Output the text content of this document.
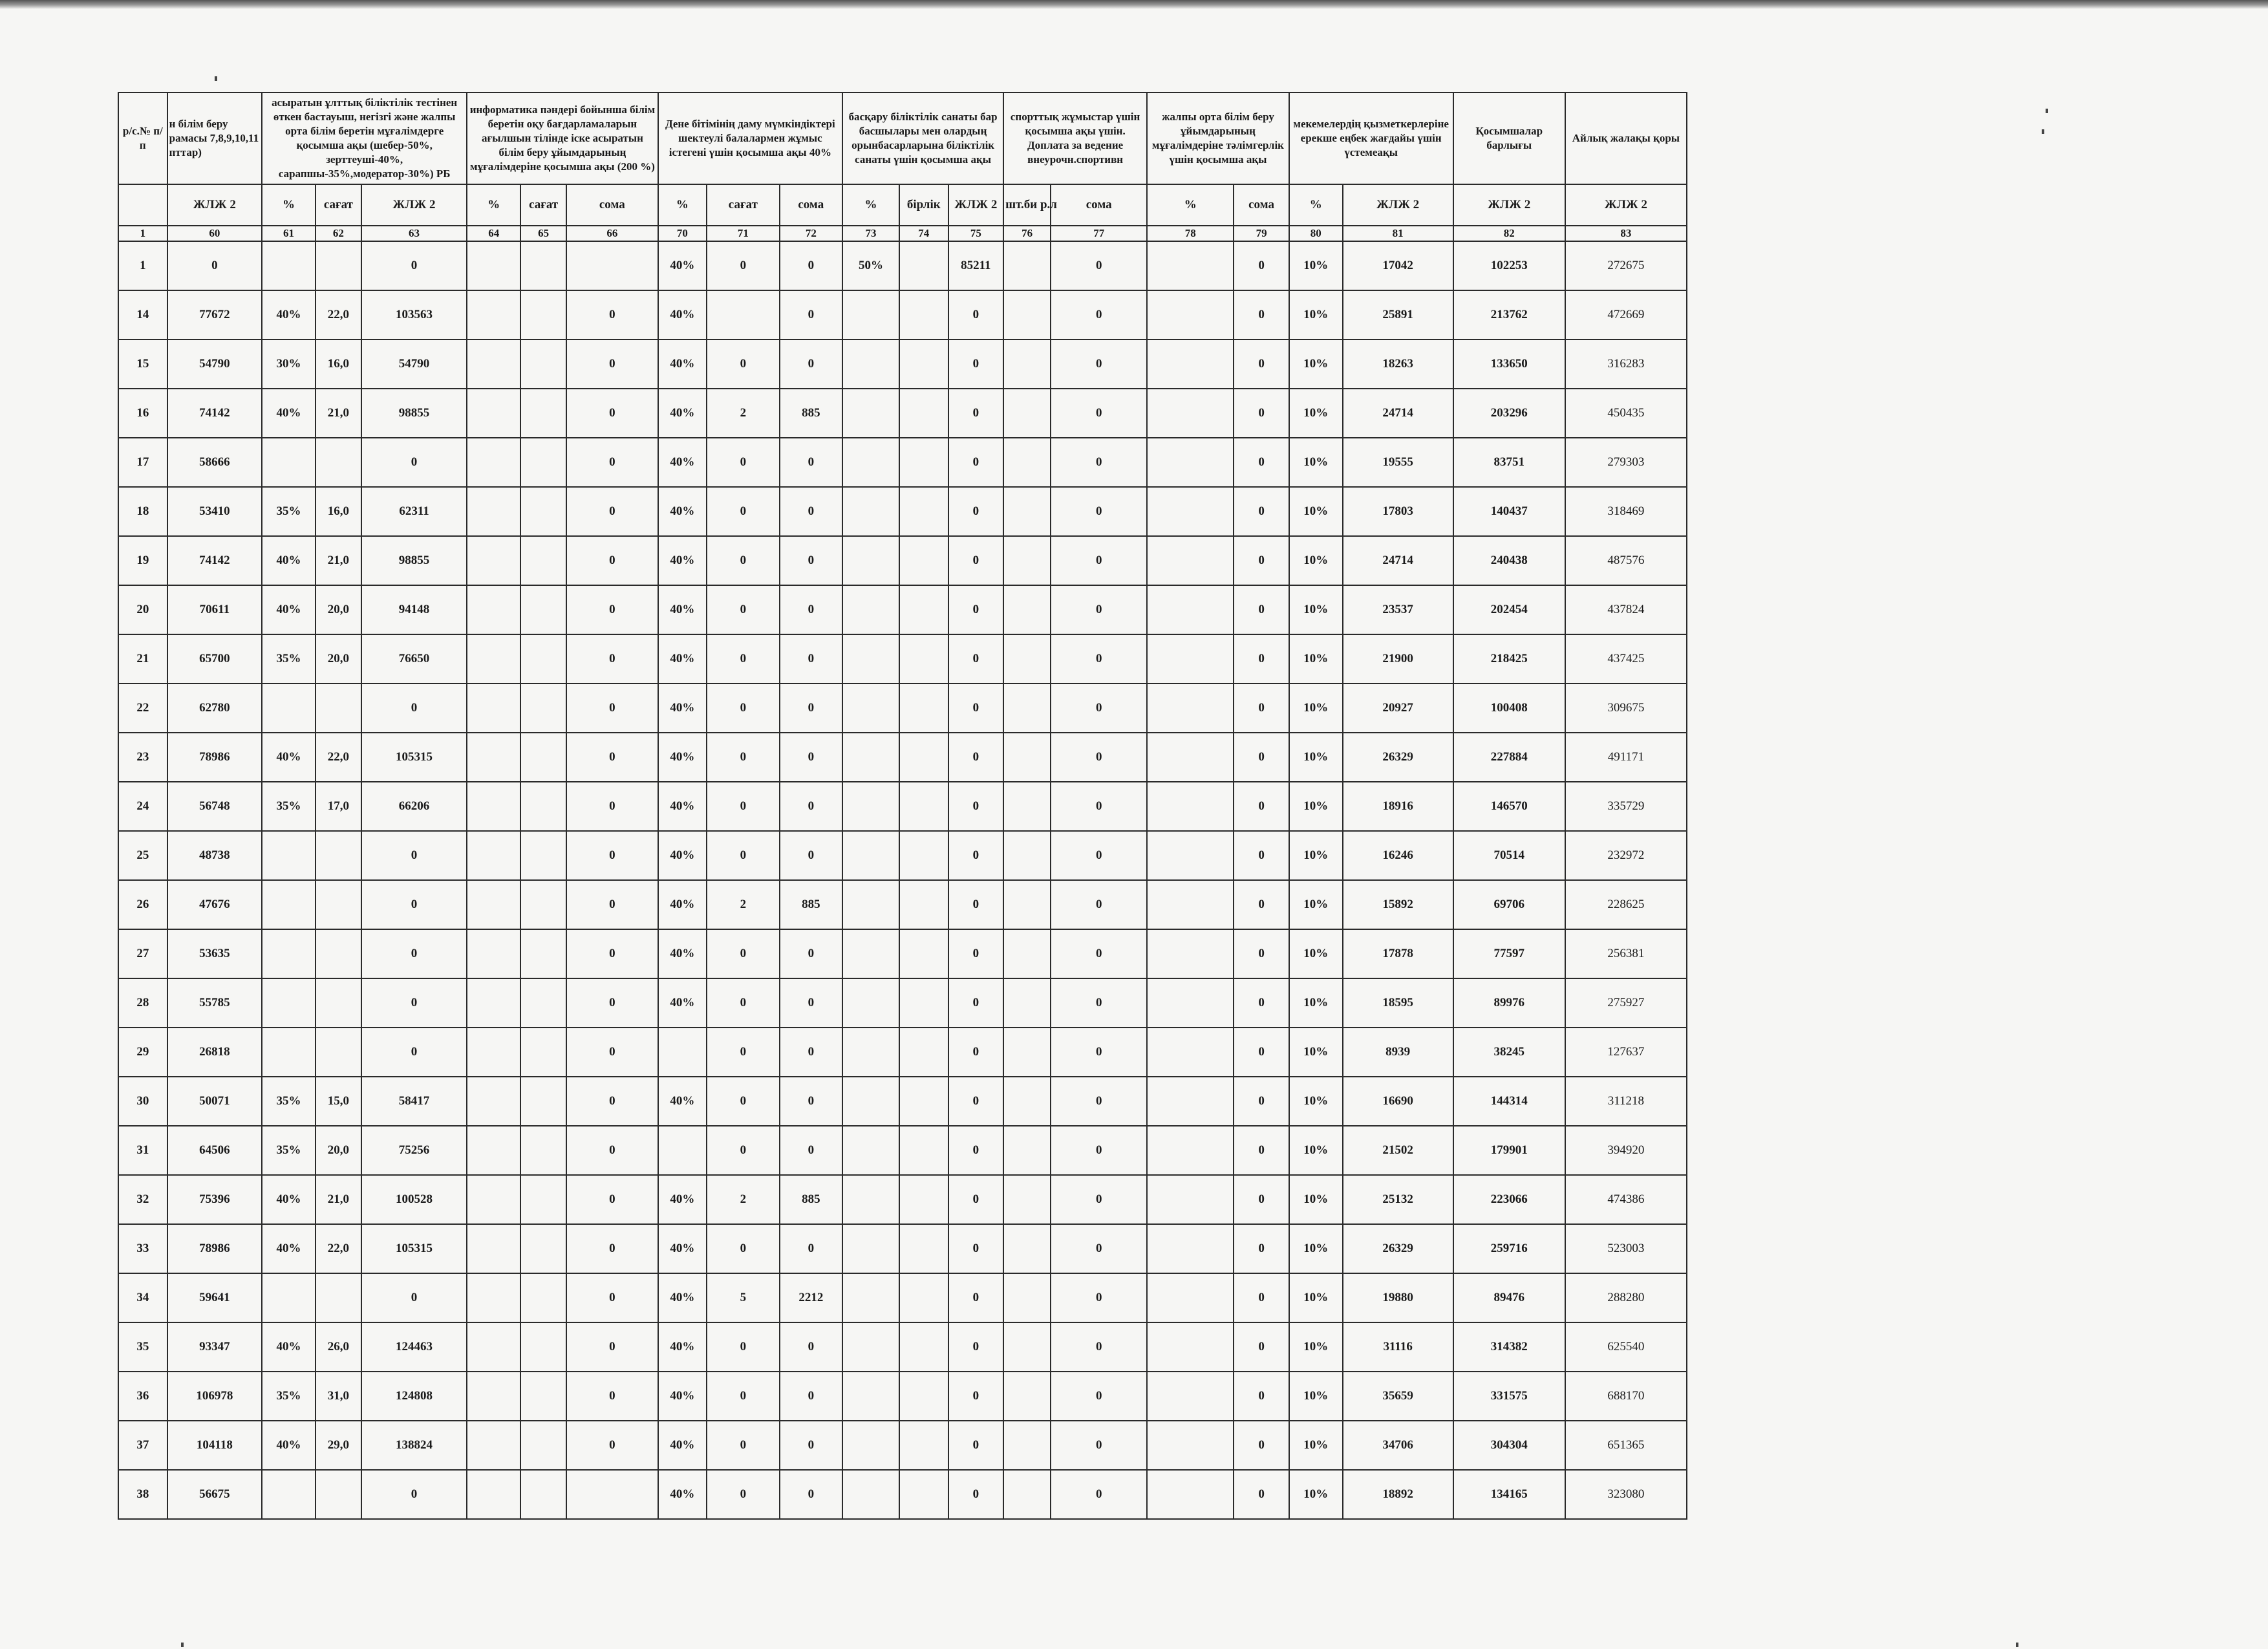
р/с.№ п/п	н білім беру рамасы 7,8,9,10,11 пттар)	асыратын ұлттық біліктілік тестінен өткен бастауыш, негізгі және жалпы орта білім беретін мұғалімдерге қосымша ақы (шебер-50%, зерттеуші-40%, сарапшы-35%,модератор-30%) РБ			информатика пәндері бойынша білім беретін оқу бағдарламаларын ағылшын тілінде іске асыратын білім беру ұйымдарының мұғалімдеріне қосымша ақы (200 %)			Дене бітімінің даму мүмкіндіктері шектеулі балалармен жұмыс істегені үшін қосымша ақы 40%			басқару біліктілік санаты бар басшылары мен олардың орынбасарларына біліктілік санаты үшін қосымша ақы			спорттық жұмыстар үшін қосымша ақы үшін. Доплата за ведение внеурочн.спортивн		жалпы орта білім беру ұйымдарының мұғалімдеріне тәлімгерлік үшін қосымша ақы		мекемелердің қызметкерлеріне ерекше еңбек жағдайы үшін үстемеақы		Қосымшалар барлығы	Айлық жалақы қоры
	ЖЛЖ 2	%	сағат	ЖЛЖ 2	%	сағат	сома	%	сағат	сома	%	бірлік	ЖЛЖ 2	шт.би р.л	сома	%	сома	%	ЖЛЖ 2	ЖЛЖ 2	ЖЛЖ 2
1	60	61	62	63	64	65	66	70	71	72	73	74	75	76	77	78	79	80	81	82	83
1	0			0				40%	0	0	50%		85211		0		0	10%	17042	102253	272675
14	77672	40%	22,0	103563			0	40%		0			0		0		0	10%	25891	213762	472669
15	54790	30%	16,0	54790			0	40%	0	0			0		0		0	10%	18263	133650	316283
16	74142	40%	21,0	98855			0	40%	2	885			0		0		0	10%	24714	203296	450435
17	58666			0			0	40%	0	0			0		0		0	10%	19555	83751	279303
18	53410	35%	16,0	62311			0	40%	0	0			0		0		0	10%	17803	140437	318469
19	74142	40%	21,0	98855			0	40%	0	0			0		0		0	10%	24714	240438	487576
20	70611	40%	20,0	94148			0	40%	0	0			0		0		0	10%	23537	202454	437824
21	65700	35%	20,0	76650			0	40%	0	0			0		0		0	10%	21900	218425	437425
22	62780			0			0	40%	0	0			0		0		0	10%	20927	100408	309675
23	78986	40%	22,0	105315			0	40%	0	0			0		0		0	10%	26329	227884	491171
24	56748	35%	17,0	66206			0	40%	0	0			0		0		0	10%	18916	146570	335729
25	48738			0			0	40%	0	0			0		0		0	10%	16246	70514	232972
26	47676			0			0	40%	2	885			0		0		0	10%	15892	69706	228625
27	53635			0			0	40%	0	0			0		0		0	10%	17878	77597	256381
28	55785			0			0	40%	0	0			0		0		0	10%	18595	89976	275927
29	26818			0			0		0	0			0		0		0	10%	8939	38245	127637
30	50071	35%	15,0	58417			0	40%	0	0			0		0		0	10%	16690	144314	311218
31	64506	35%	20,0	75256			0		0	0			0		0		0	10%	21502	179901	394920
32	75396	40%	21,0	100528			0	40%	2	885			0		0		0	10%	25132	223066	474386
33	78986	40%	22,0	105315			0	40%	0	0			0		0		0	10%	26329	259716	523003
34	59641			0			0	40%	5	2212			0		0		0	10%	19880	89476	288280
35	93347	40%	26,0	124463			0	40%	0	0			0		0		0	10%	31116	314382	625540
36	106978	35%	31,0	124808			0	40%	0	0			0		0		0	10%	35659	331575	688170
37	104118	40%	29,0	138824			0	40%	0	0			0		0		0	10%	34706	304304	651365
38	56675			0				40%	0	0			0		0		0	10%	18892	134165	323080
